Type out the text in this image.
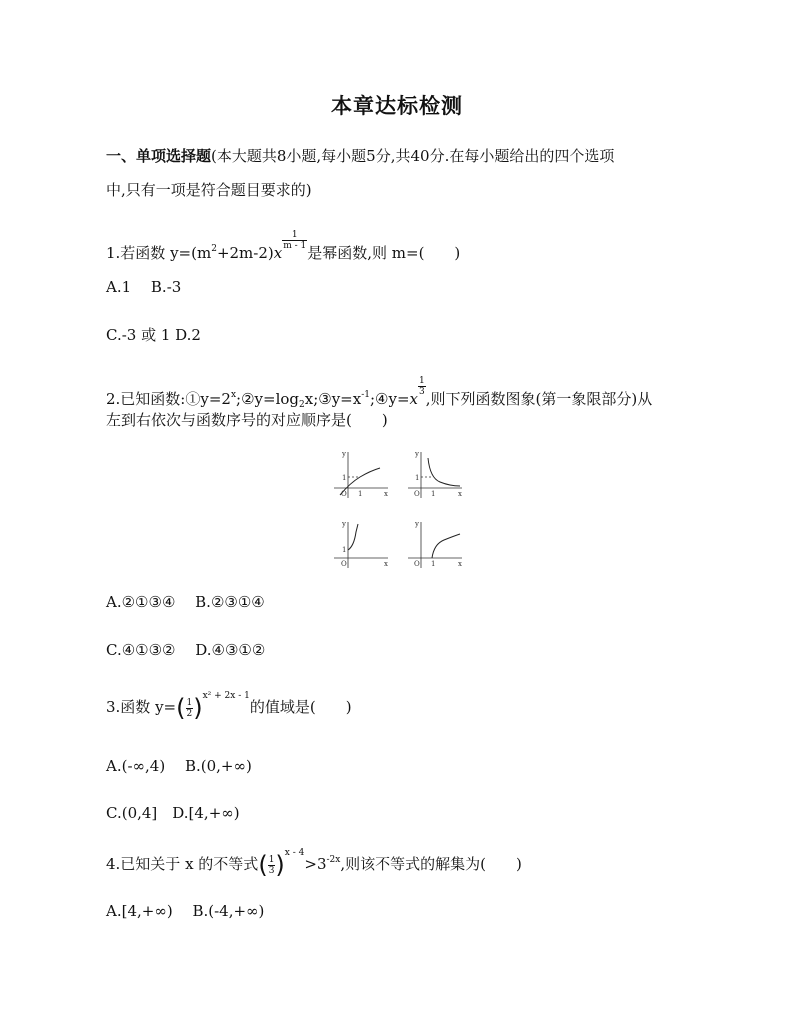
本章达标检测
一、单项选择题(本大题共8小题,每小题5分,共40分.在每小题给出的四个选项
中,只有一项是符合题目要求的)
1.若函数 $y=(m^2+2m-2)x$
$\frac{1}{m - 1}$
是幂函数,则 m=(　　)
A.1　 B.-3
C.-3 或 1 D.2
2.已知函数$:①y=2^x;②y=\log_2x;③y=x^{-1};④y=x$
$\frac{1}{3}$
,则下列函数图象(第一象限部分)从
左到右依次与函数序号的对应顺序是(　　)
y
x
O
1
1
y
x
O
1
1
y
x
O
1
y
x
O 1
A.②①③④　 B.②③①④
C.④①③②　 D.④③①②
3.函数 $y=( \frac{1}{2} )^{x^2 + 2x - 1}$的值域是(　　)
A.(-∞,4)　 B.(0,+∞)
C.(0,4]　D.[4,+∞)
4.已知关于 x 的不等式( $\frac{1}{3} )^{x - 4}>3^{-2x}$,则该不等式的解集为(　　)
A.[4,+∞)　 B.(-4,+∞)
